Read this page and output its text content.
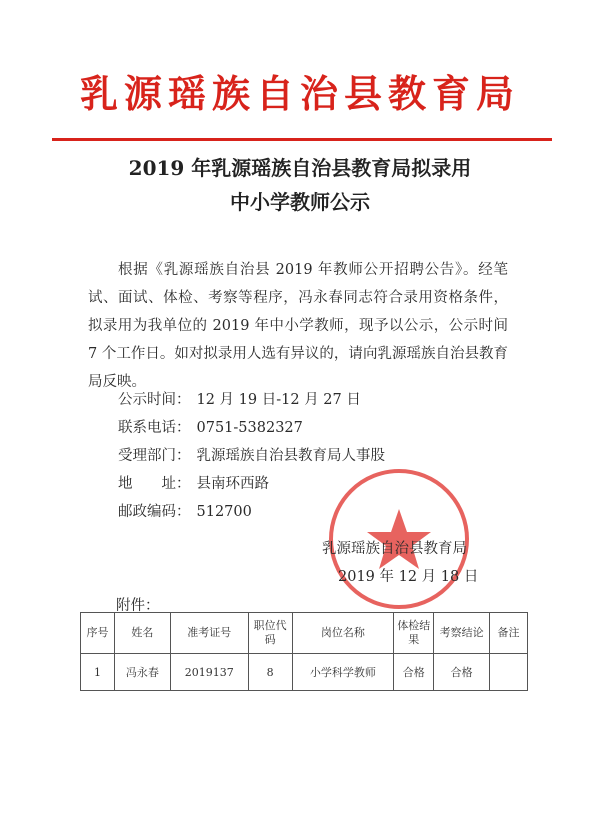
乳源瑶族自治县教育局
2019 年乳源瑶族自治县教育局拟录用
中小学教师公示
根据《乳源瑶族自治县 2019 年教师公开招聘公告》。经笔试、面试、体检、考察等程序，冯永春同志符合录用资格条件，拟录用为我单位的 2019 年中小学教师，现予以公示，公示时间 7 个工作日。如对拟录用人选有异议的，请向乳源瑶族自治县教育局反映。
公示时间： 12 月 19 日-12 月 27 日
联系电话： 0751-5382327
受理部门： 乳源瑶族自治县教育局人事股
地　　址： 县南环西路
邮政编码： 512700
乳源瑶族自治县教育局
2019 年 12 月 18 日
附件：
序号	姓名	准考证号	职位代码	岗位名称	体检结果	考察结论	备注
1	冯永春	2019137	8	小学科学教师	合格	合格	
